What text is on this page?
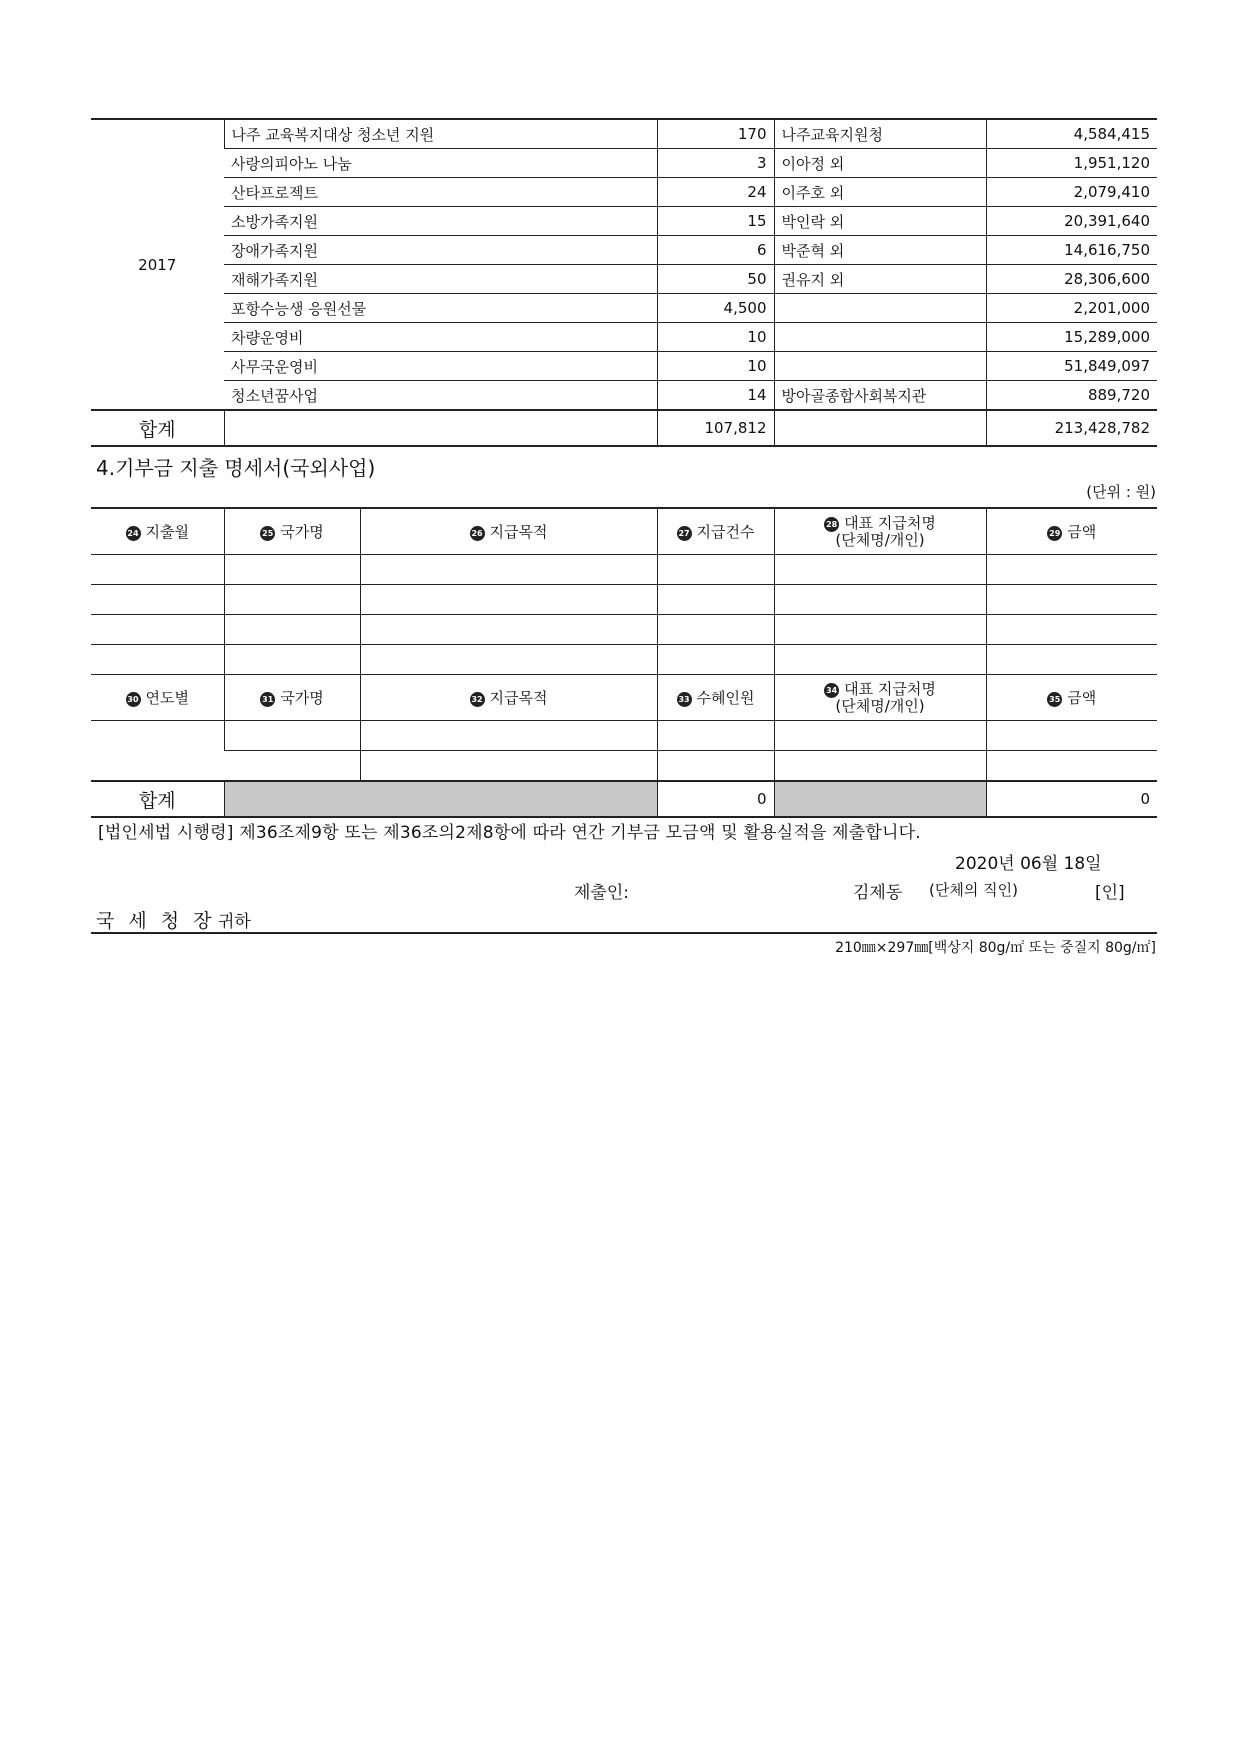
2017	나주 교육복지대상 청소년 지원	170	나주교육지원청	4,584,415
	사랑의피아노 나눔	3	이아정 외	1,951,120
	산타프로젝트	24	이주호 외	2,079,410
	소방가족지원	15	박인락 외	20,391,640
	장애가족지원	6	박준혁 외	14,616,750
	재해가족지원	50	권유지 외	28,306,600
	포항수능생 응원선물	4,500		2,201,000
	차량운영비	10		15,289,000
	사무국운영비	10		51,849,097
	청소년꿈사업	14	방아골종합사회복지관	889,720
합계		107,812		213,428,782
4.기부금 지출 명세서(국외사업)
(단위 : 원)
24 지출월	25 국가명	26 지급목적	27 지급건수	28 대표 지급처명
(단체명/개인)	29 금액

30 연도별	31 국가명	32 지급목적	33 수혜인원	34 대표 지급처명
(단체명/개인)	35 금액

합계			0		0
[법인세법 시행령] 제36조제9항 또는 제36조의2제8항에 따라 연간 기부금 모금액 및 활용실적을 제출합니다.
2020년 06월 18일
제출인:	김제동 (단체의 직인)	[인]
국 세 청 장 귀하
210㎜×297㎜[백상지 80g/㎡ 또는 중질지 80g/㎡]
